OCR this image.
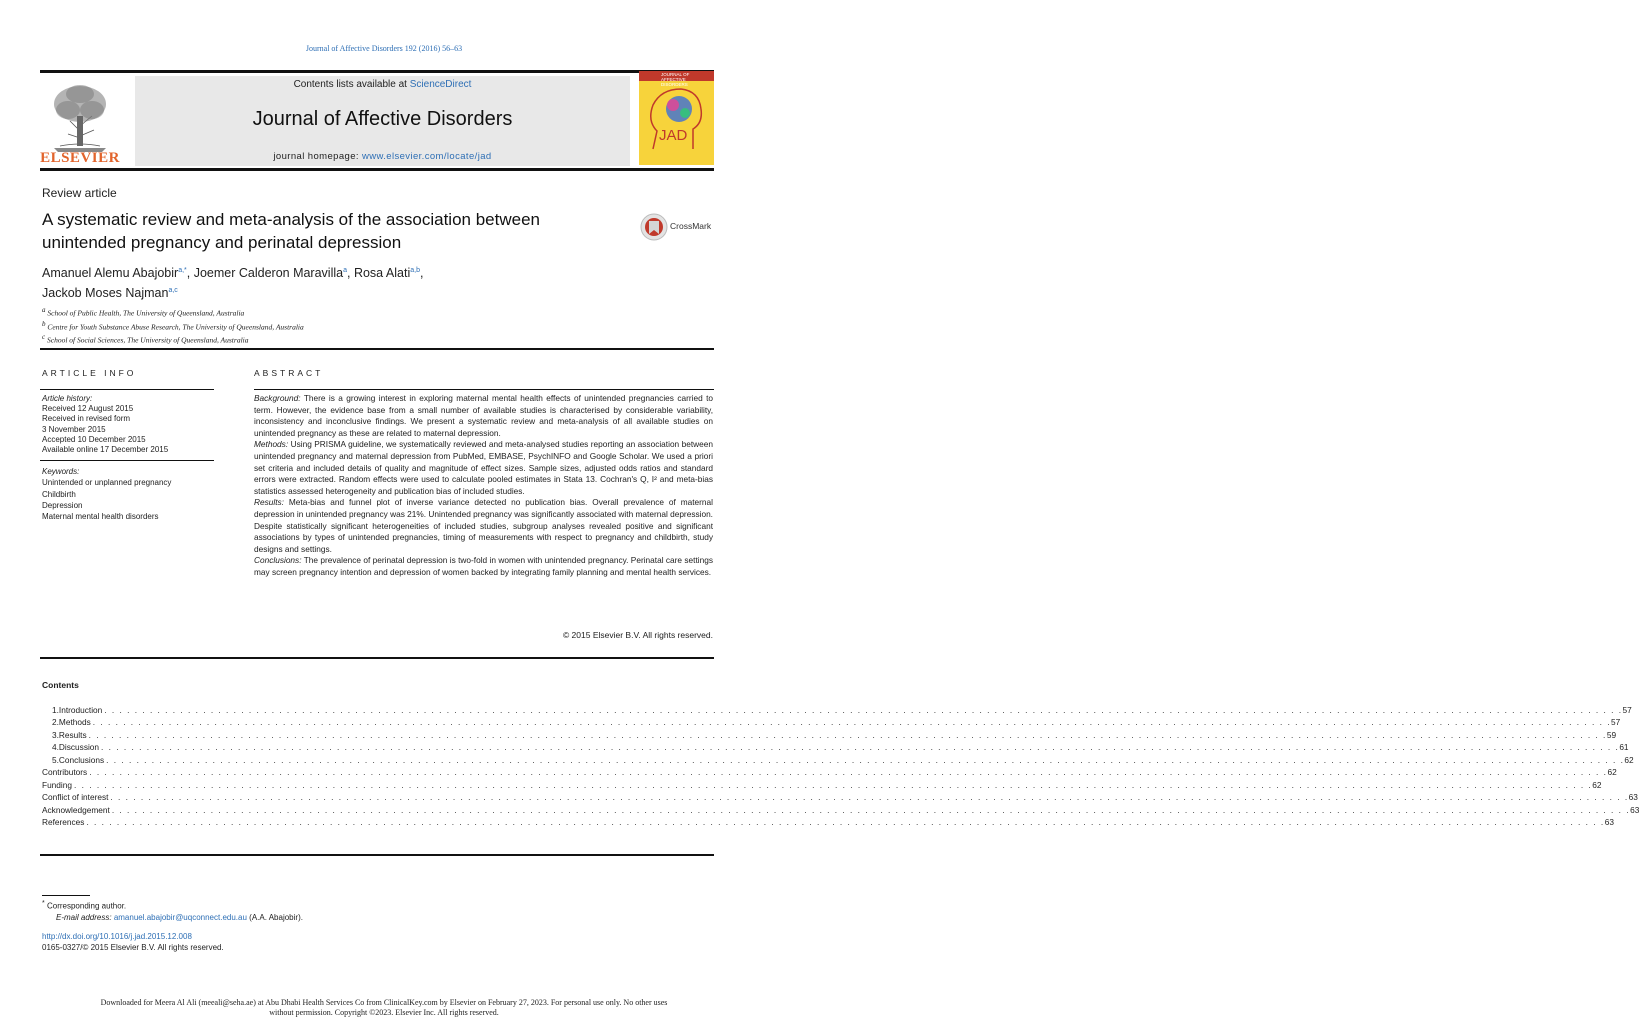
Journal of Affective Disorders 192 (2016) 56–63
ELSEVIER
Contents lists available at ScienceDirect
Journal of Affective Disorders
journal homepage: www.elsevier.com/locate/jad
JOURNAL OF AFFECTIVE DISORDERS
JAD
Review article
A systematic review and meta-analysis of the association between unintended pregnancy and perinatal depression
CrossMark
Amanuel Alemu Abajobir$^{a,*}$, Joemer Calderon Maravilla$^a$, Rosa Alati$^{a,b}$,
Jackob Moses Najman$^{a,c}$
$^a$ School of Public Health, The University of Queensland, Australia
$^b$ Centre for Youth Substance Abuse Research, The University of Queensland, Australia
$^c$ School of Social Sciences, The University of Queensland, Australia
ARTICLE INFO
Article history:
Received 12 August 2015
Received in revised form
3 November 2015
Accepted 10 December 2015
Available online 17 December 2015
Keywords:
Unintended or unplanned pregnancy
Childbirth
Depression
Maternal mental health disorders
ABSTRACT

Background: There is a growing interest in exploring maternal mental health effects of unintended pregnancies carried to term. However, the evidence base from a small number of available studies is characterised by considerable variability, inconsistency and inconclusive findings. We present a systematic review and meta-analysis of all available studies on unintended pregnancy as these are related to maternal depression.

Methods: Using PRISMA guideline, we systematically reviewed and meta-analysed studies reporting an association between unintended pregnancy and maternal depression from PubMed, EMBASE, PsychINFO and Google Scholar. We used a priori set criteria and included details of quality and magnitude of effect sizes. Sample sizes, adjusted odds ratios and standard errors were extracted. Random effects were used to calculate pooled estimates in Stata 13. Cochran's Q, I² and meta-bias statistics assessed heterogeneity and publication bias of included studies.

Results: Meta-bias and funnel plot of inverse variance detected no publication bias. Overall prevalence of maternal depression in unintended pregnancy was 21%. Unintended pregnancy was significantly associated with maternal depression. Despite statistically significant heterogeneities of included studies, subgroup analyses revealed positive and significant associations by types of unintended pregnancies, timing of measurements with respect to pregnancy and childbirth, study designs and settings.

Conclusions: The prevalence of perinatal depression is two-fold in women with unintended pregnancy. Perinatal care settings may screen pregnancy intention and depression of women backed by integrating family planning and mental health services.

© 2015 Elsevier B.V. All rights reserved.
Contents
1. Introduction . . . . . . . . . . . . . . . . . . . . . . . . . . . . . . . . . . . . . . . . . . . . . . . . . . . . . . . . . . . . . . . . . . . . . . . . . . . . . . . . . . . . . . . . . . . . . . . . . . . . . . . . . . . . . . . . . . . . . . . . . . . . . . . . . . . . . . . . . . . . . . . . . . . . . . . . . . . . . . . . . . . . . . . . . . . . . . . . . . . . . . . . . . . . . . . . . . . . . . . . 57
2. Methods . . . . . . . . . . . . . . . . . . . . . . . . . . . . . . . . . . . . . . . . . . . . . . . . . . . . . . . . . . . . . . . . . . . . . . . . . . . . . . . . . . . . . . . . . . . . . . . . . . . . . . . . . . . . . . . . . . . . . . . . . . . . . . . . . . . . . . . . . . . . . . . . . . . . . . . . . . . . . . . . . . . . . . . . . . . . . . . . . . . . . . . . . . . . . . . . . . . . . . . . 57
3. Results . . . . . . . . . . . . . . . . . . . . . . . . . . . . . . . . . . . . . . . . . . . . . . . . . . . . . . . . . . . . . . . . . . . . . . . . . . . . . . . . . . . . . . . . . . . . . . . . . . . . . . . . . . . . . . . . . . . . . . . . . . . . . . . . . . . . . . . . . . . . . . . . . . . . . . . . . . . . . . . . . . . . . . . . . . . . . . . . . . . . . . . . . . . . . . . . . . . . . . . . 59
4. Discussion . . . . . . . . . . . . . . . . . . . . . . . . . . . . . . . . . . . . . . . . . . . . . . . . . . . . . . . . . . . . . . . . . . . . . . . . . . . . . . . . . . . . . . . . . . . . . . . . . . . . . . . . . . . . . . . . . . . . . . . . . . . . . . . . . . . . . . . . . . . . . . . . . . . . . . . . . . . . . . . . . . . . . . . . . . . . . . . . . . . . . . . . . . . . . . . . . . . . . . . . 61
5. Conclusions . . . . . . . . . . . . . . . . . . . . . . . . . . . . . . . . . . . . . . . . . . . . . . . . . . . . . . . . . . . . . . . . . . . . . . . . . . . . . . . . . . . . . . . . . . . . . . . . . . . . . . . . . . . . . . . . . . . . . . . . . . . . . . . . . . . . . . . . . . . . . . . . . . . . . . . . . . . . . . . . . . . . . . . . . . . . . . . . . . . . . . . . . . . . . . . . . . . . . . . . 62
Contributors . . . . . . . . . . . . . . . . . . . . . . . . . . . . . . . . . . . . . . . . . . . . . . . . . . . . . . . . . . . . . . . . . . . . . . . . . . . . . . . . . . . . . . . . . . . . . . . . . . . . . . . . . . . . . . . . . . . . . . . . . . . . . . . . . . . . . . . . . . . . . . . . . . . . . . . . . . . . . . . . . . . . . . . . . . . . . . . . . . . . . . . . . . . . . . . . . . . . . . . . 62
Funding . . . . . . . . . . . . . . . . . . . . . . . . . . . . . . . . . . . . . . . . . . . . . . . . . . . . . . . . . . . . . . . . . . . . . . . . . . . . . . . . . . . . . . . . . . . . . . . . . . . . . . . . . . . . . . . . . . . . . . . . . . . . . . . . . . . . . . . . . . . . . . . . . . . . . . . . . . . . . . . . . . . . . . . . . . . . . . . . . . . . . . . . . . . . . . . . . . . . . . . . 62
Conflict of interest . . . . . . . . . . . . . . . . . . . . . . . . . . . . . . . . . . . . . . . . . . . . . . . . . . . . . . . . . . . . . . . . . . . . . . . . . . . . . . . . . . . . . . . . . . . . . . . . . . . . . . . . . . . . . . . . . . . . . . . . . . . . . . . . . . . . . . . . . . . . . . . . . . . . . . . . . . . . . . . . . . . . . . . . . . . . . . . . . . . . . . . . . . . . . . . . . . . . . . . . 63
Acknowledgement . . . . . . . . . . . . . . . . . . . . . . . . . . . . . . . . . . . . . . . . . . . . . . . . . . . . . . . . . . . . . . . . . . . . . . . . . . . . . . . . . . . . . . . . . . . . . . . . . . . . . . . . . . . . . . . . . . . . . . . . . . . . . . . . . . . . . . . . . . . . . . . . . . . . . . . . . . . . . . . . . . . . . . . . . . . . . . . . . . . . . . . . . . . . . . . . . . . . . . . . 63
References . . . . . . . . . . . . . . . . . . . . . . . . . . . . . . . . . . . . . . . . . . . . . . . . . . . . . . . . . . . . . . . . . . . . . . . . . . . . . . . . . . . . . . . . . . . . . . . . . . . . . . . . . . . . . . . . . . . . . . . . . . . . . . . . . . . . . . . . . . . . . . . . . . . . . . . . . . . . . . . . . . . . . . . . . . . . . . . . . . . . . . . . . . . . . . . . . . . . . . . . 63
* Corresponding author.
E-mail address: amanuel.abajobir@uqconnect.edu.au (A.A. Abajobir).
http://dx.doi.org/10.1016/j.jad.2015.12.008
0165-0327/© 2015 Elsevier B.V. All rights reserved.
Downloaded for Meera Al Ali (meeali@seha.ae) at Abu Dhabi Health Services Co from ClinicalKey.com by Elsevier on February 27, 2023. For personal use only. No other uses without permission. Copyright ©2023. Elsevier Inc. All rights reserved.
